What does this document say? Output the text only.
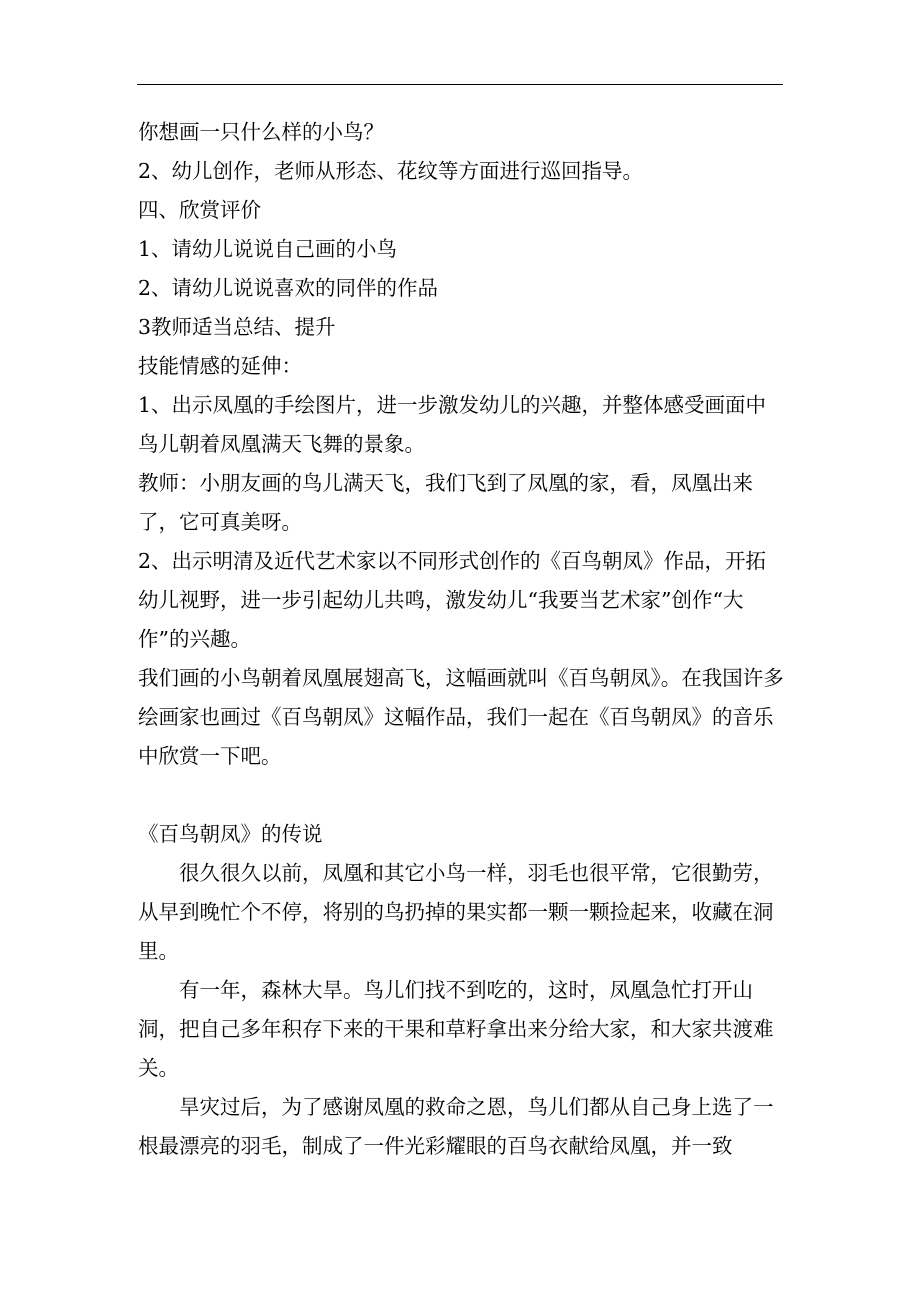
你想画一只什么样的小鸟？

2、幼儿创作，老师从形态、花纹等方面进行巡回指导。

四、欣赏评价

1、请幼儿说说自己画的小鸟

2、请幼儿说说喜欢的同伴的作品

3教师适当总结、提升

技能情感的延伸：

1、出示凤凰的手绘图片，进一步激发幼儿的兴趣，并整体感受画面中鸟儿朝着凤凰满天飞舞的景象。

教师：小朋友画的鸟儿满天飞，我们飞到了凤凰的家，看，凤凰出来了，它可真美呀。

2、出示明清及近代艺术家以不同形式创作的《百鸟朝凤》作品，开拓幼儿视野，进一步引起幼儿共鸣，激发幼儿“我要当艺术家”创作“大作”的兴趣。

我们画的小鸟朝着凤凰展翅高飞，这幅画就叫《百鸟朝凤》。在我国许多绘画家也画过《百鸟朝凤》这幅作品，我们一起在《百鸟朝凤》的音乐中欣赏一下吧。

《百鸟朝凤》的传说

很久很久以前，凤凰和其它小鸟一样，羽毛也很平常，它很勤劳，从早到晚忙个不停，将别的鸟扔掉的果实都一颗一颗捡起来，收藏在洞里。

有一年，森林大旱。鸟儿们找不到吃的，这时，凤凰急忙打开山洞，把自己多年积存下来的干果和草籽拿出来分给大家，和大家共渡难关。

旱灾过后，为了感谢凤凰的救命之恩，鸟儿们都从自己身上选了一根最漂亮的羽毛，制成了一件光彩耀眼的百鸟衣献给凤凰，并一致
